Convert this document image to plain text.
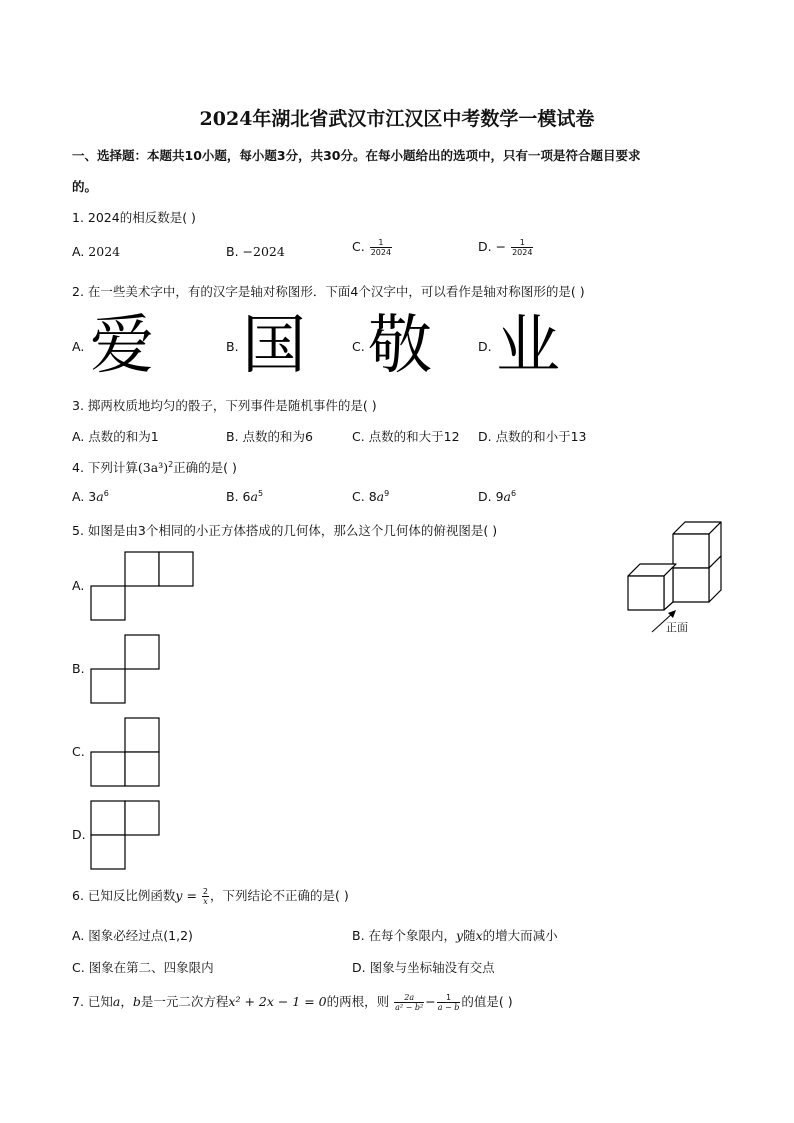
2024年湖北省武汉市江汉区中考数学一模试卷
一、选择题：本题共10小题，每小题3分，共30分。在每小题给出的选项中，只有一项是符合题目要求
的。
1. 2024的相反数是( )
A. 2024	B. −2024	C. $\frac{1}{2024}$	D. − $\frac{1}{2024}$
2. 在一些美术字中，有的汉字是轴对称图形．下面4个汉字中，可以看作是轴对称图形的是( )
A. 爱	B. 国	C. 敬	D. 业
3. 掷两枚质地均匀的骰子，下列事件是随机事件的是( )
A. 点数的和为1	B. 点数的和为6	C. 点数的和大于12 D. 点数的和小于13
4. 下列计算$(3a^3)^2$正确的是( )
A. $3a^6$	B. $6a^5$	C. $8a^9$	D. $9a^6$
5. 如图是由3个相同的小正方体搭成的几何体，那么这个几何体的俯视图是( )
正面
A.
B.
C.
D.
6. 已知反比例函数$y = \frac{2}{x}$ ，下列结论不正确的是( )
A. 图象必经过点(1,2)	B. 在每个象限内，y随x的增大而减小
C. 图象在第二、四象限内	D. 图象与坐标轴没有交点
7. 已知a，b是一元二次方程x² + 2x − 1 = 0的两根，则 $\frac{2a}{\text{a² − b²}} - \frac{1}{a - b}$ 的值是( )
